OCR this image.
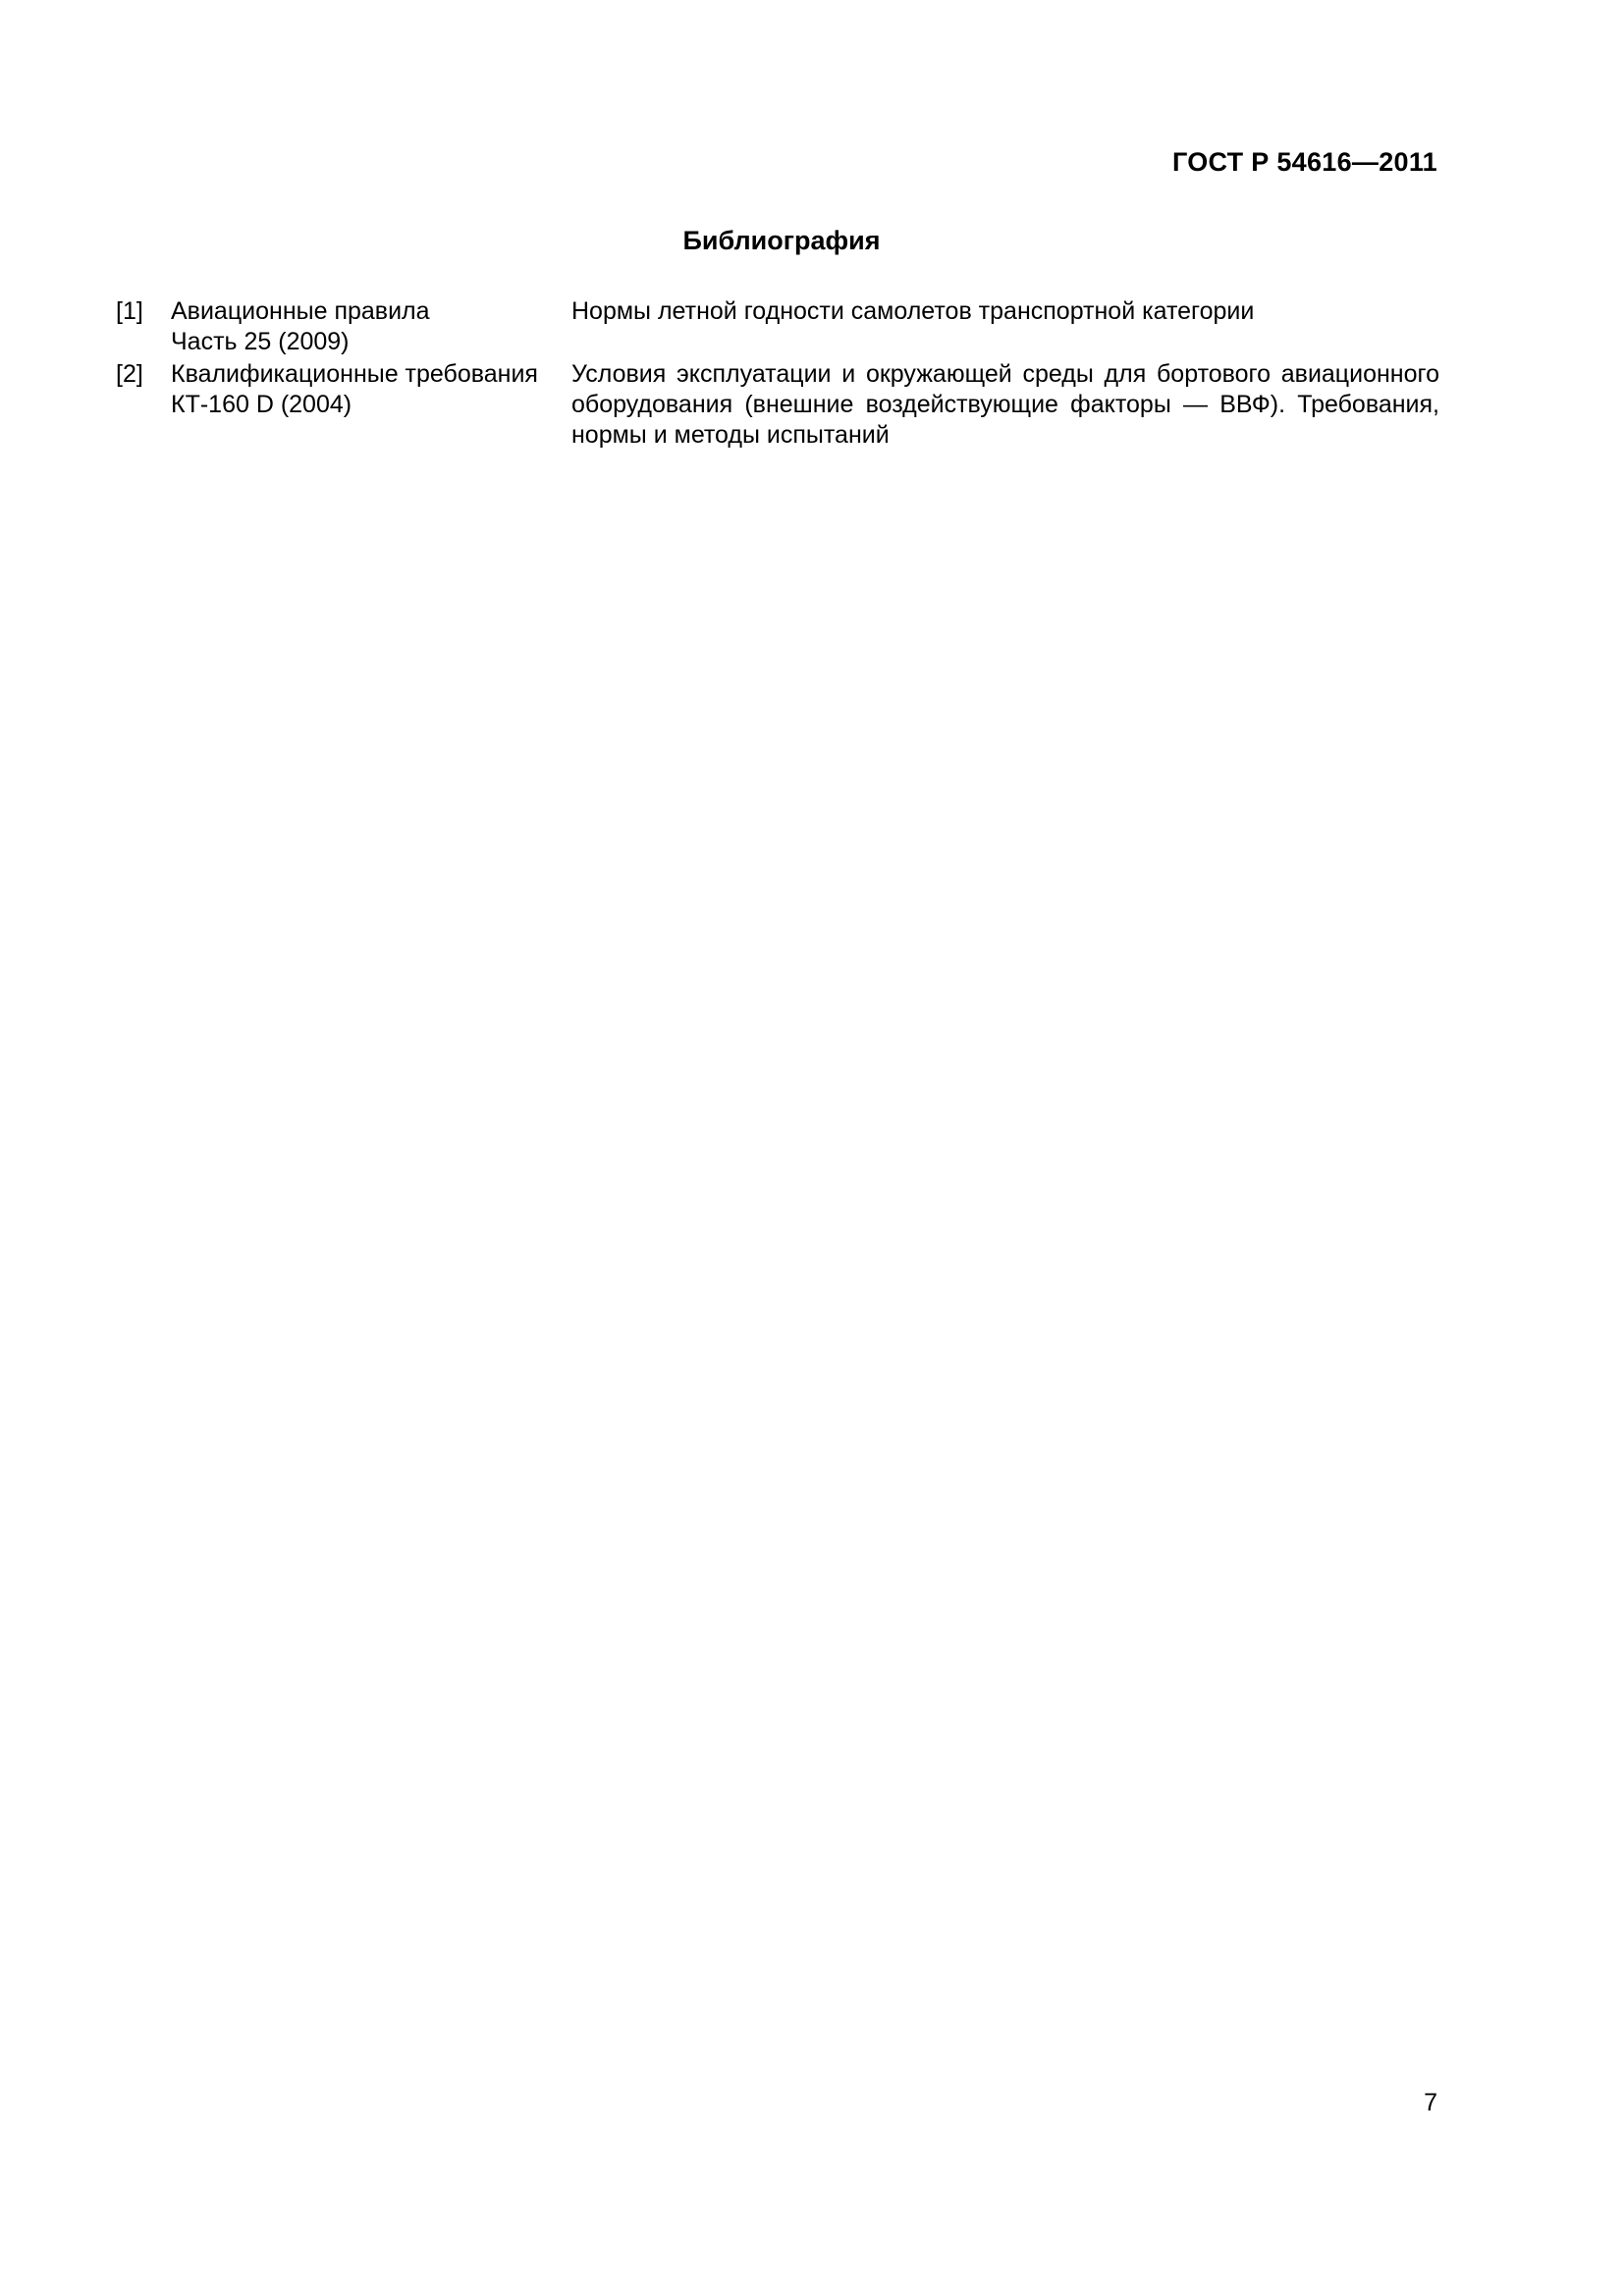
ГОСТ Р 54616—2011
Библиография
[1]	Авиационные правила
Часть 25 (2009)
Нормы летной годности самолетов транспортной категории
[2]	Квалификационные требования
КТ-160 D (2004)
Условия эксплуатации и окружающей среды для бортового авиационного оборудования (внешние воздействующие факторы — ВВФ). Требования, нормы и методы испытаний
7
